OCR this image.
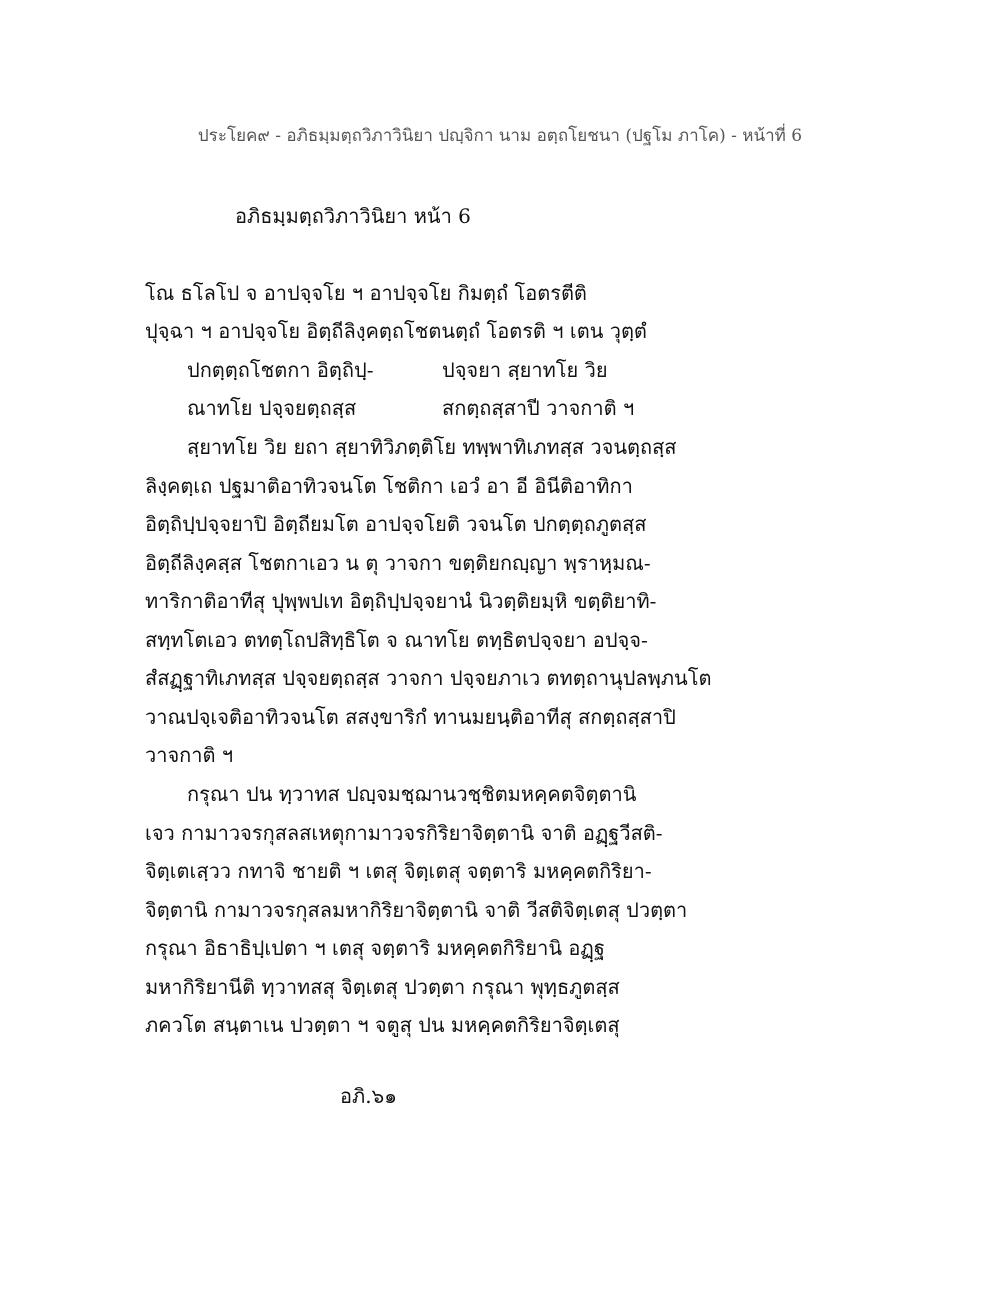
ประโยค๙ - อภิธมฺมตฺถวิภาวินิยา ปญฺจิกา นาม อตฺถโยชนา (ปฐโม ภาโค) - หน้าที่ 6
อภิธมฺมตฺถวิภาวินิยา หน้า 6
โณ ธโลโป จ อาปจฺจโย ฯ อาปจฺจโย กิมตฺถํ โอตรตีติ
ปุจฺฉา ฯ อาปจฺจโย อิตฺถีลิงฺคตฺถโชตนตฺถํ โอตรติ ฯ เตน วุตฺตํ
ปกตฺตฺถโชตกา อิตฺถิปฺ-	ปจฺจยา สฺยาทโย วิย
ณาทโย ปจฺจยตฺถสฺส	สกตฺถสฺสาปี วาจกาติ ฯ
สฺยาทโย วิย ยถา สฺยาทิวิภตฺติโย ทพฺพาทิเภทสฺส วจนตฺถสฺส
ลิงฺคตฺเถ ปฐมาติอาทิวจนโต โชติกา เอวํ อา อี อินีติอาทิกา
อิตฺถิปฺปจฺจยาปิ อิตฺถียมโต อาปจฺจโยติ วจนโต ปกตฺตฺถภูตสฺส
อิตฺถีลิงฺคสฺส โชตกาเอว น ตุ วาจกา ขตฺติยกญฺญา พฺราหฺมณ-
ทาริกาติอาทีสุ ปุพฺพปเท อิตฺถิปฺปจฺจยานํ นิวตฺติยมฺหิ ขตฺติยาทิ-
สทฺทโตเอว ตทตฺโถปสิทฺธิโต จ ณาทโย ตทฺธิตปจฺจยา อปจฺจ-
สํสฏฺฐาทิเภทสฺส ปจฺจยตฺถสฺส วาจกา ปจฺจยภาเว ตทตฺถานุปลพฺภนโต
วาณปจฺเจติอาทิวจนโต สสงฺขาริกํ ทานมยนฺติอาทีสุ สกตฺถสฺสาปิ
วาจกาติ ฯ
กรุณา ปน ทฺวาทส ปญฺจมชฺฌานวชฺชิตมหคฺคตจิตฺตานิ
เจว กามาวจรกุสลสเหตุกามาวจรกิริยาจิตฺตานิ จาติ อฏฺฐวีสติ-
จิตฺเตเสฺวว กทาจิ ชายติ ฯ เตสุ จิตฺเตสุ จตฺตาริ มหคฺคตกิริยา-
จิตฺตานิ กามาวจรกุสลมหากิริยาจิตฺตานิ จาติ วีสติจิตฺเตสุ ปวตฺตา
กรุณา อิธาธิปฺเปตา ฯ เตสุ จตฺตาริ มหคฺคตกิริยานิ อฏฺฐ
มหากิริยานีติ ทฺวาทสสุ จิตฺเตสุ ปวตฺตา กรุณา พุทฺธภูตสฺส
ภควโต สนฺตาเน ปวตฺตา ฯ จตูสุ ปน มหคฺคตกิริยาจิตฺเตสุ
อภิ.๖๑
